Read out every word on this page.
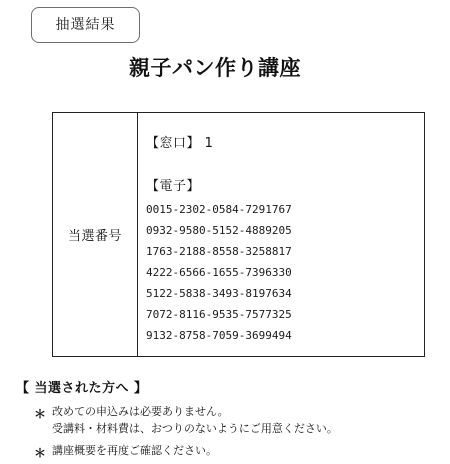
抽選結果
親子パン作り講座
当選番号
【窓口】 1
【電子】
0015-2302-0584-7291767
0932-9580-5152-4889205
1763-2188-8558-3258817
4222-6566-1655-7396330
5122-5838-3493-8197634
7072-8116-9535-7577325
9132-8758-7059-3699494
【 当選された方へ 】
＊ 改めての申込みは必要ありません。
受講料・材料費は、おつりのないようにご用意ください。
＊ 講座概要を再度ご確認ください。
